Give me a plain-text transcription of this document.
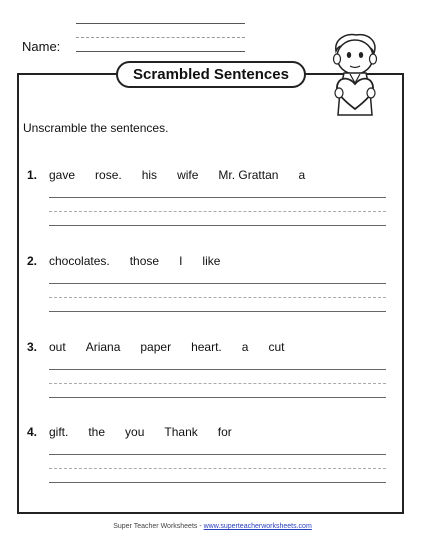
Name:
Scrambled Sentences
Unscramble the sentences.
1. gave rose. his wife Mr. Grattan a
2. chocolates. those I like
3. out Ariana paper heart. a cut
4. gift. the you Thank for
Super Teacher Worksheets - www.superteacherworksheets.com
